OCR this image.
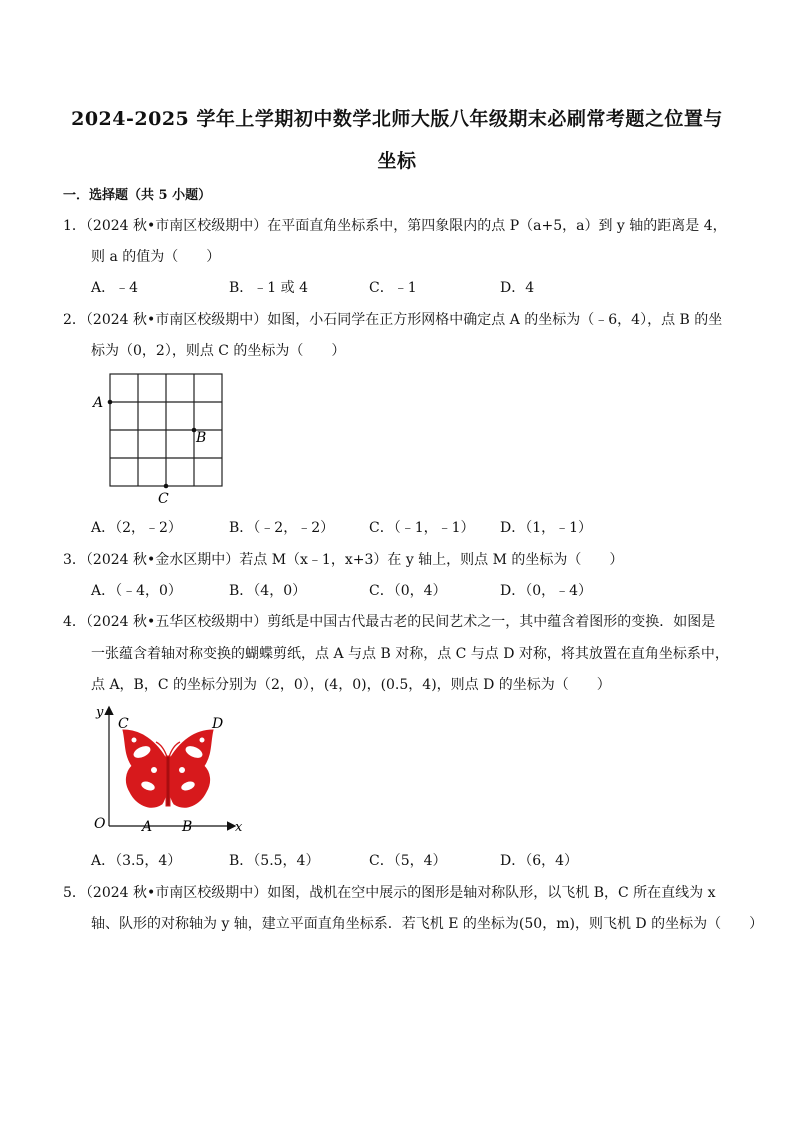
2024-2025 学年上学期初中数学北师大版八年级期末必刷常考题之位置与
坐标
一．选择题（共 5 小题）
1．（2024 秋•市南区校级期中）在平面直角坐标系中，第四象限内的点 P（a+5，a）到 y 轴的距离是 4，
则 a 的值为（　　）
A．﹣4	B．﹣1 或 4	C．﹣1	D．4
2．（2024 秋•市南区校级期中）如图，小石同学在正方形网格中确定点 A 的坐标为（﹣6，4），点 B 的坐
标为（0，2），则点 C 的坐标为（　　）
A
B
C
A．（2，﹣2）	B．（﹣2，﹣2） C．（﹣1，﹣1） D．（1，﹣1）
3．（2024 秋•金水区期中）若点 M（x﹣1，x+3）在 y 轴上，则点 M 的坐标为（　　）
A．（﹣4，0）	B．（4，0）	C．（0，4）	D．（0，﹣4）
4．（2024 秋•五华区校级期中）剪纸是中国古代最古老的民间艺术之一，其中蕴含着图形的变换．如图是
一张蕴含着轴对称变换的蝴蝶剪纸，点 A 与点 B 对称，点 C 与点 D 对称，将其放置在直角坐标系中，
点 A，B，C 的坐标分别为（2，0），(4，0)，(0.5，4)，则点 D 的坐标为（　　）
y
C	D
O	A B	x
A．（3.5，4）	B．（5.5，4）	C．（5，4）	D．（6，4）
5．（2024 秋•市南区校级期中）如图，战机在空中展示的图形是轴对称队形，以飞机 B，C 所在直线为 x
轴、队形的对称轴为 y 轴，建立平面直角坐标系．若飞机 E 的坐标为(50，m)，则飞机 D 的坐标为（　　）
